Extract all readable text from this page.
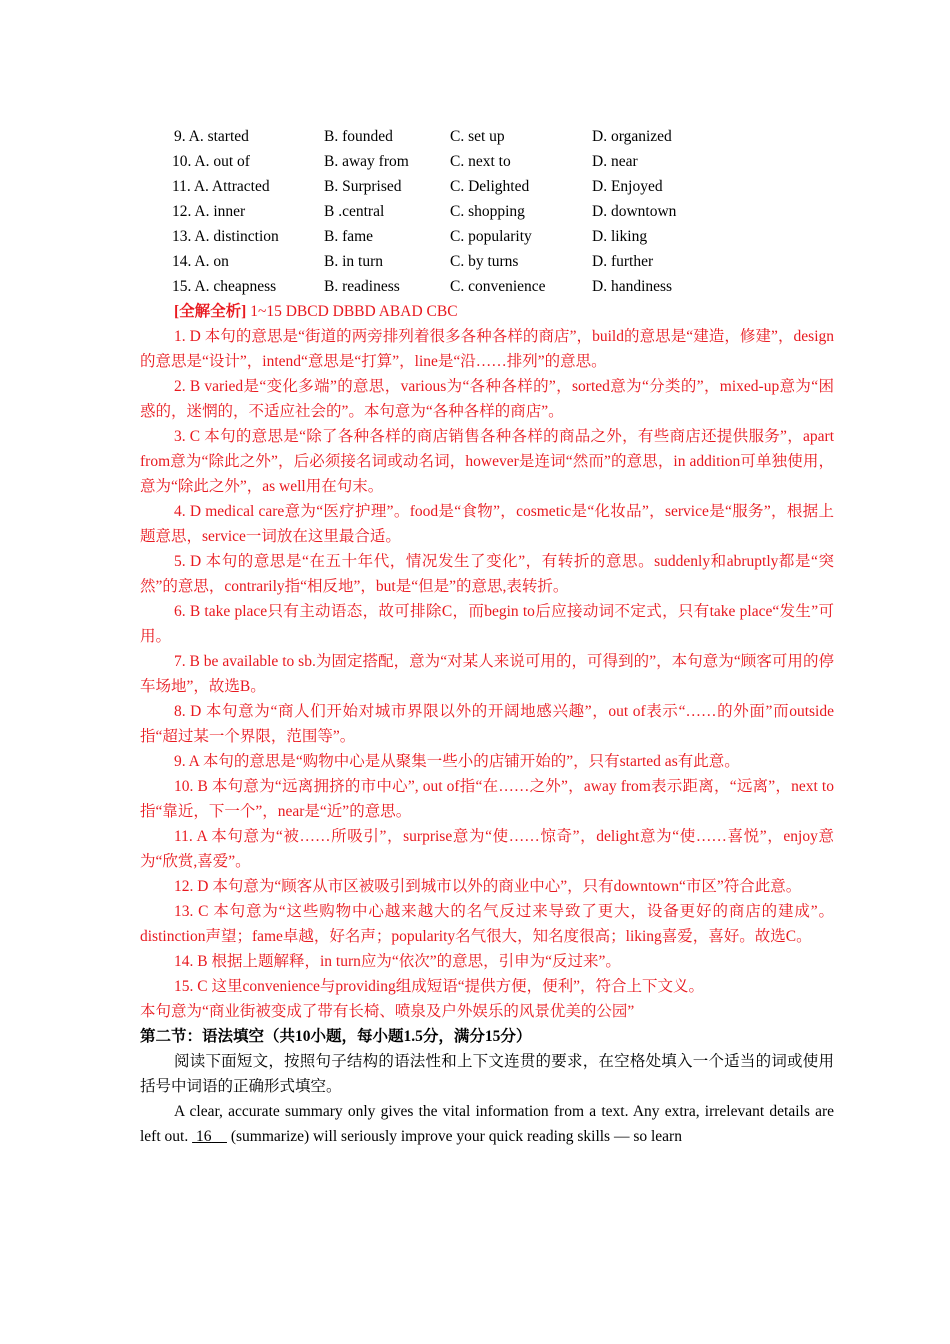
9. A. started	B. founded	C. set up	D. organized
10. A. out of	B. away from	C. next to	D. near
11. A. Attracted	B. Surprised	C. Delighted	D. Enjoyed
12. A. inner	B .central	C. shopping	D. downtown
13. A. distinction	B. fame	C. popularity	D. liking
14. A. on	B. in turn	C. by turns	D. further
15. A. cheapness	B. readiness	C. convenience	D. handiness
[全解全析] 1~15 DBCD DBBD ABAD CBC

1. D 本句的意思是“街道的两旁排列着很多各种各样的商店”，build的意思是“建造，修建”，design的意思是“设计”，intend“意思是“打算”，line是“沿……排列”的意思。

2. B varied是“变化多端”的意思，various为“各种各样的”，sorted意为“分类的”，mixed-up意为“困惑的，迷惘的，不适应社会的”。本句意为“各种各样的商店”。

3. C 本句的意思是“除了各种各样的商店销售各种各样的商品之外，有些商店还提供服务”，apart from意为“除此之外”，后必须接名词或动名词，however是连词“然而”的意思，in addition可单独使用，意为“除此之外”，as well用在句末。

4. D medical care意为“医疗护理”。food是“食物”，cosmetic是“化妆品”，service是“服务”，根据上题意思，service一词放在这里最合适。

5. D 本句的意思是“在五十年代，情况发生了变化”，有转折的意思。suddenly和abruptly都是“突然”的意思，contrarily指“相反地”，but是“但是”的意思,表转折。

6. B take place只有主动语态，故可排除C，而begin to后应接动词不定式，只有take place“发生”可用。

7. B be available to sb.为固定搭配，意为“对某人来说可用的，可得到的”，本句意为“顾客可用的停车场地”，故选B。

8. D 本句意为“商人们开始对城市界限以外的开阔地感兴趣”，out of表示“……的外面”而outside指“超过某一个界限，范围等”。

9. A 本句的意思是“购物中心是从聚集一些小的店铺开始的”，只有started as有此意。

10. B 本句意为“远离拥挤的市中心”, out of指“在……之外”，away from表示距离，“远离”，next to指“靠近，下一个”，near是“近”的意思。

11. A 本句意为“被……所吸引”，surprise意为“使……惊奇”，delight意为“使……喜悦”，enjoy意为“欣赏,喜爱”。

12. D 本句意为“顾客从市区被吸引到城市以外的商业中心”，只有downtown“市区”符合此意。

13. C 本句意为“这些购物中心越来越大的名气反过来导致了更大，设备更好的商店的建成”。distinction声望；fame卓越，好名声；popularity名气很大，知名度很高；liking喜爱，喜好。故选C。

14. B 根据上题解释，in turn应为“依次”的意思，引申为“反过来”。

15. C 这里convenience与providing组成短语“提供方便，便利”，符合上下文义。

本句意为“商业街被变成了带有长椅、喷泉及户外娱乐的风景优美的公园”

第二节：语法填空（共10小题，每小题1.5分，满分15分）

阅读下面短文，按照句子结构的语法性和上下文连贯的要求，在空格处填入一个适当的词或使用括号中词语的正确形式填空。

A clear, accurate summary only gives the vital information from a text. Any extra, irrelevant details are left out.  16     (summarize) will seriously improve your quick reading skills — so learn
